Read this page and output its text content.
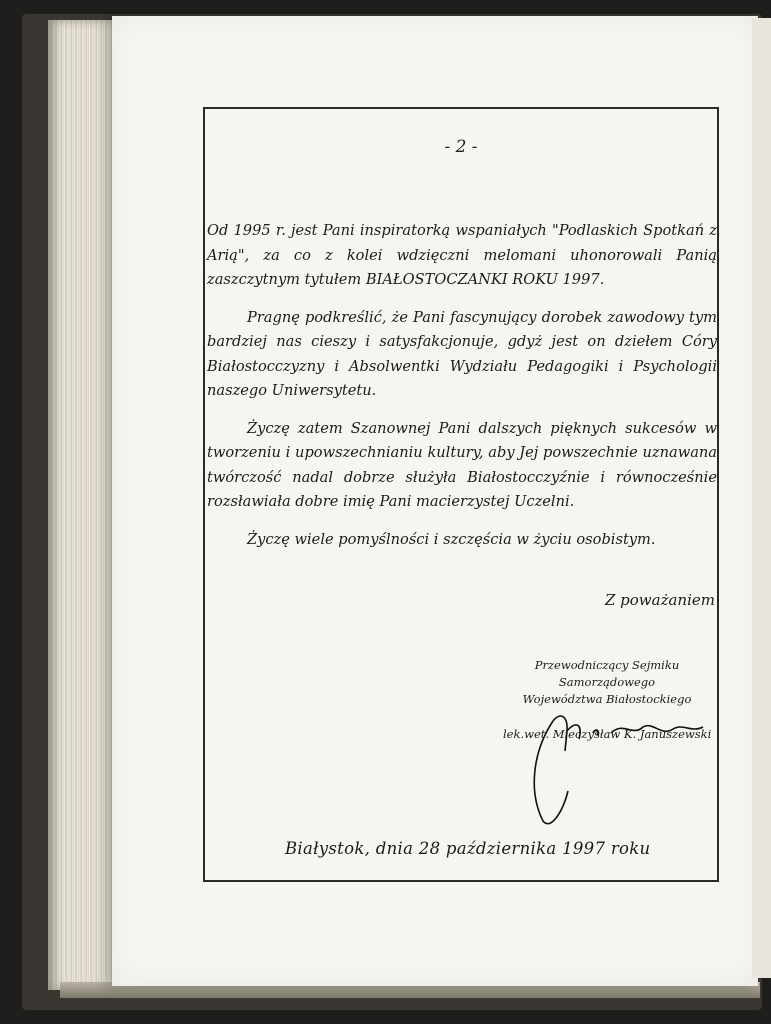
- 2 -

Od 1995 r. jest Pani inspiratorką wspaniałych "Podlaskich Spotkań z Arią", za co z kolei wdzięczni melomani uhonorowali Panią zaszczytnym tytułem BIAŁOSTOCZANKI ROKU 1997.

Pragnę podkreślić, że Pani fascynujący dorobek zawodowy tym bardziej nas cieszy i satysfakcjonuje, gdyż jest on dziełem Córy Białostocczyzny i Absolwentki Wydziału Pedagogiki i Psychologii naszego Uniwersytetu.

Życzę zatem Szanownej Pani dalszych pięknych sukcesów w tworzeniu i upowszechnianiu kultury, aby Jej powszechnie uznawana twórczość nadal dobrze służyła Białostocczyźnie i równocześnie rozsławiała dobre imię Pani macierzystej Uczelni.

Życzę wiele pomyślności i szczęścia w życiu osobistym.

Z poważaniem
Przewodniczący Sejmiku Samorządowego
Województwa Białostockiego
lek.wet. Mieczysław K. Januszewski
Białystok, dnia 28 października 1997 roku
